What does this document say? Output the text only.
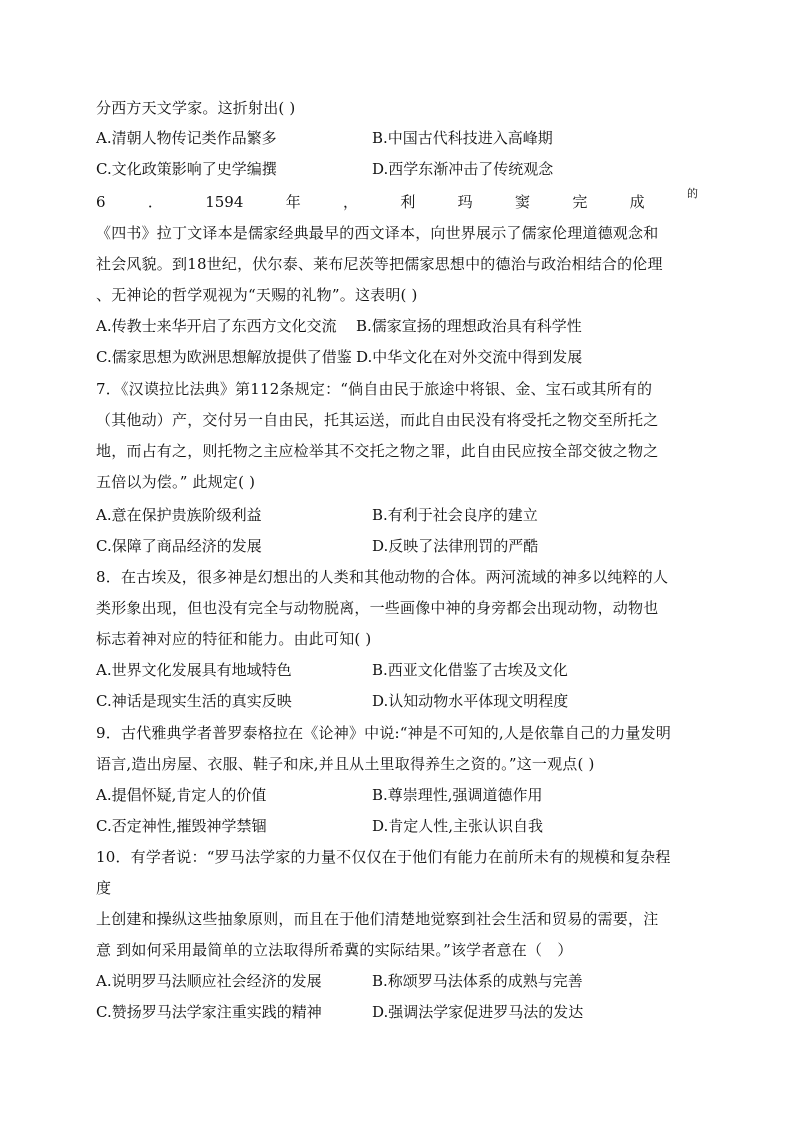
分西方天文学家。这折射出( )
A.清朝人物传记类作品繁多	B.中国古代科技进入高峰期
C.文化政策影响了史学编撰	D.西学东渐冲击了传统观念
6	．	1594	年	，	利	玛	窦	完	成	的
《四书》拉丁文译本是儒家经典最早的西文译本，向世界展示了儒家伦理道德观念和
社会风貌。到18世纪，伏尔泰、莱布尼茨等把儒家思想中的德治与政治相结合的伦理
、无神论的哲学观视为“天赐的礼物”。这表明( )
A.传教士来华开启了东西方文化交流 B.儒家宣扬的理想政治具有科学性
C.儒家思想为欧洲思想解放提供了借鉴 D.中华文化在对外交流中得到发展
7．《汉谟拉比法典》第112条规定：“倘自由民于旅途中将银、金、宝石或其所有的
（其他动）产，交付另一自由民，托其运送，而此自由民没有将受托之物交至所托之
地，而占有之，则托物之主应检举其不交托之物之罪，此自由民应按全部交彼之物之
五倍以为偿。” 此规定( )
A.意在保护贵族阶级利益	B.有利于社会良序的建立
C.保障了商品经济的发展	D.反映了法律刑罚的严酷
8．在古埃及，很多神是幻想出的人类和其他动物的合体。两河流域的神多以纯粹的人
类形象出现，但也没有完全与动物脱离，一些画像中神的身旁都会出现动物，动物也
标志着神对应的特征和能力。由此可知( )
A.世界文化发展具有地域特色	B.西亚文化借鉴了古埃及文化
C.神话是现实生活的真实反映	D.认知动物水平体现文明程度
9．古代雅典学者普罗泰格拉在《论神》中说:“神是不可知的,人是依靠自己的力量发明
语言,造出房屋、衣服、鞋子和床,并且从土里取得养生之资的。”这一观点( )
A.提倡怀疑,肯定人的价值	B.尊崇理性,强调道德作用
C.否定神性,摧毁神学禁锢	D.肯定人性,主张认识自我
10．有学者说：“罗马法学家的力量不仅仅在于他们有能力在前所未有的规模和复杂程
度
上创建和操纵这些抽象原则，而且在于他们清楚地觉察到社会生活和贸易的需要，注
意 到如何采用最简单的立法取得所希冀的实际结果。”该学者意在（　）
A.说明罗马法顺应社会经济的发展	B.称颂罗马法体系的成熟与完善
C.赞扬罗马法学家注重实践的精神	D.强调法学家促进罗马法的发达
